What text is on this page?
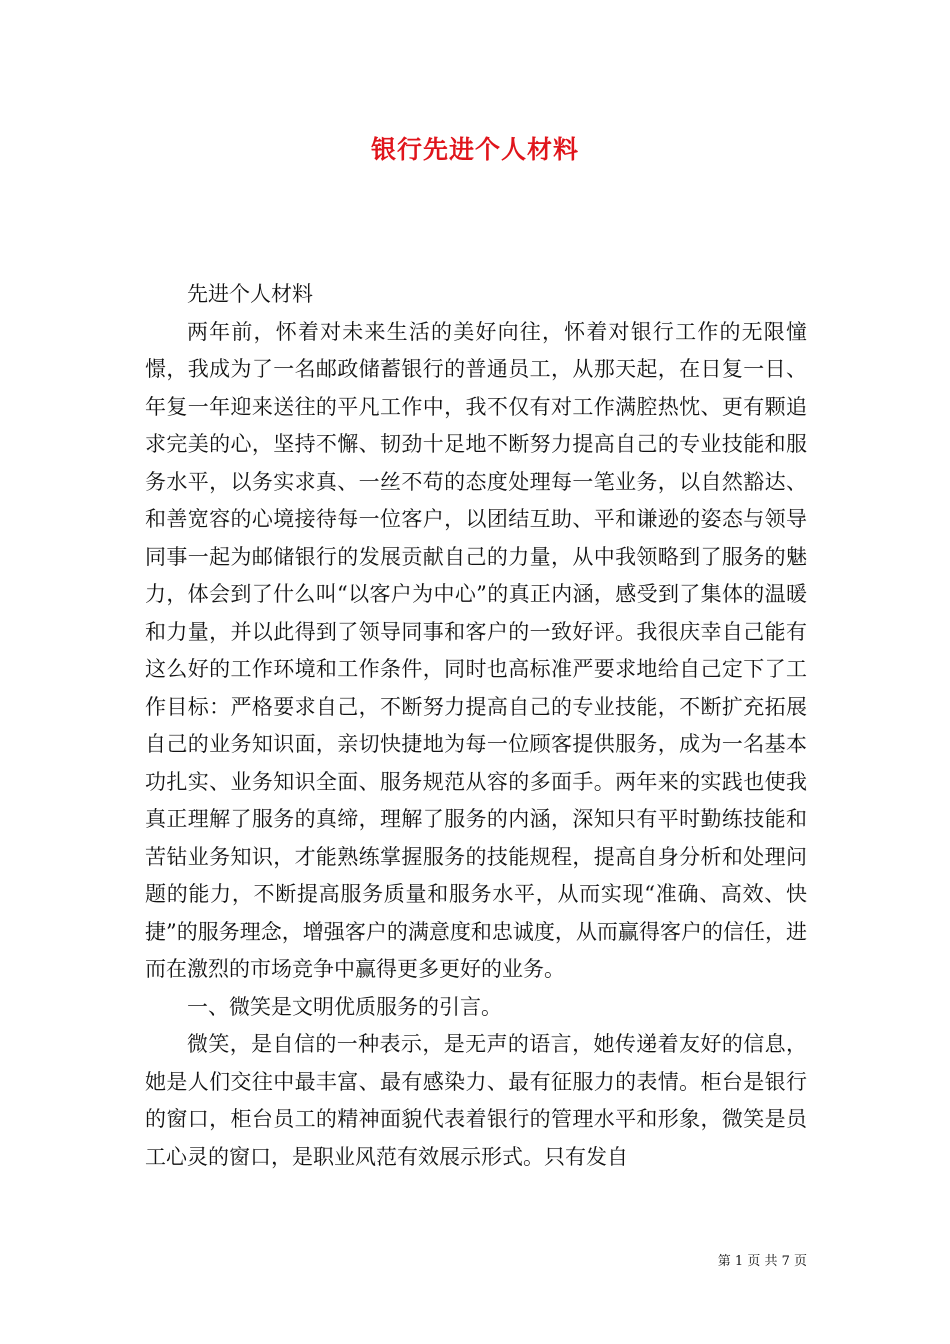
银行先进个人材料

先进个人材料

两年前，怀着对未来生活的美好向往，怀着对银行工作的无限憧憬，我成为了一名邮政储蓄银行的普通员工，从那天起，在日复一日、年复一年迎来送往的平凡工作中，我不仅有对工作满腔热忱、更有颗追求完美的心，坚持不懈、韧劲十足地不断努力提高自己的专业技能和服务水平，以务实求真、一丝不苟的态度处理每一笔业务，以自然豁达、和善宽容的心境接待每一位客户，以团结互助、平和谦逊的姿态与领导同事一起为邮储银行的发展贡献自己的力量，从中我领略到了服务的魅力，体会到了什么叫“以客户为中心”的真正内涵，感受到了集体的温暖和力量，并以此得到了领导同事和客户的一致好评。我很庆幸自己能有这么好的工作环境和工作条件，同时也高标准严要求地给自己定下了工作目标：严格要求自己，不断努力提高自己的专业技能，不断扩充拓展自己的业务知识面，亲切快捷地为每一位顾客提供服务，成为一名基本功扎实、业务知识全面、服务规范从容的多面手。两年来的实践也使我真正理解了服务的真缔，理解了服务的内涵，深知只有平时勤练技能和苦钻业务知识，才能熟练掌握服务的技能规程，提高自身分析和处理问题的能力，不断提高服务质量和服务水平，从而实现“准确、高效、快捷”的服务理念，增强客户的满意度和忠诚度，从而赢得客户的信任，进而在激烈的市场竞争中赢得更多更好的业务。

一、微笑是文明优质服务的引言。

微笑，是自信的一种表示，是无声的语言，她传递着友好的信息，她是人们交往中最丰富、最有感染力、最有征服力的表情。柜台是银行的窗口，柜台员工的精神面貌代表着银行的管理水平和形象，微笑是员工心灵的窗口，是职业风范有效展示形式。只有发自

第 1 页 共 7 页
